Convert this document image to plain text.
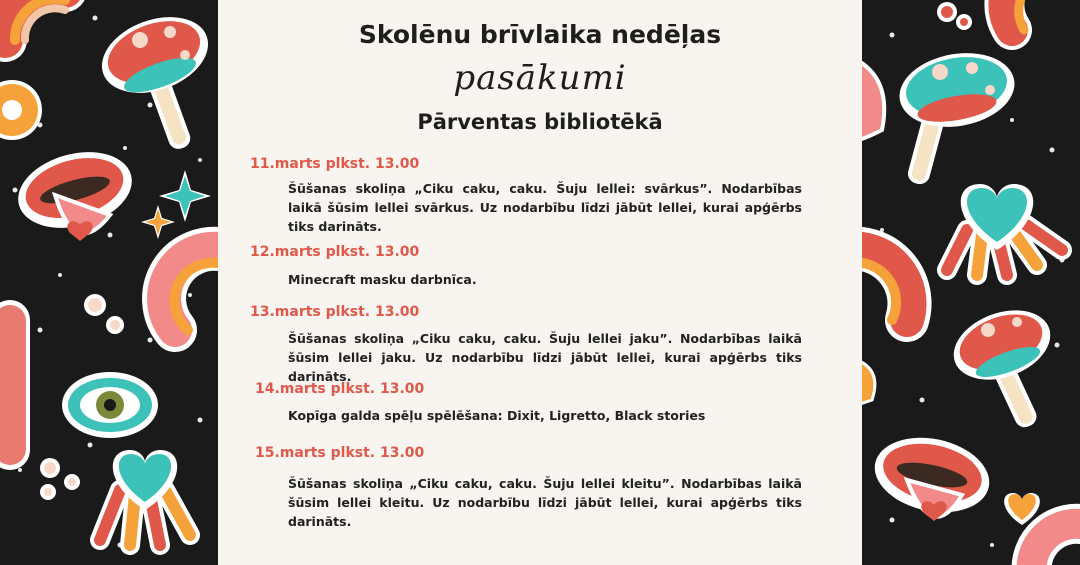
Skolēnu brīvlaika nedēļas
pasākumi
Pārventas bibliotēkā

11.marts plkst. 13.00

Šūšanas skoliņa „Ciku caku, caku. Šuju lellei: svārkus”. Nodarbības laikā šūsim lellei svārkus. Uz nodarbību līdzi jābūt lellei, kurai apģērbs tiks darināts.

12.marts plkst. 13.00

Minecraft masku darbnīca.

13.marts plkst. 13.00

Šūšanas skoliņa „Ciku caku, caku. Šuju lellei jaku”. Nodarbības laikā šūsim lellei jaku. Uz nodarbību līdzi jābūt lellei, kurai apģērbs tiks darināts.

14.marts plkst. 13.00

Kopīga galda spēļu spēlēšana: Dixit, Ligretto, Black stories

15.marts plkst. 13.00

Šūšanas skoliņa „Ciku caku, caku. Šuju lellei kleitu”. Nodarbības laikā šūsim lellei kleitu. Uz nodarbību līdzi jābūt lellei, kurai apģērbs tiks darināts.
